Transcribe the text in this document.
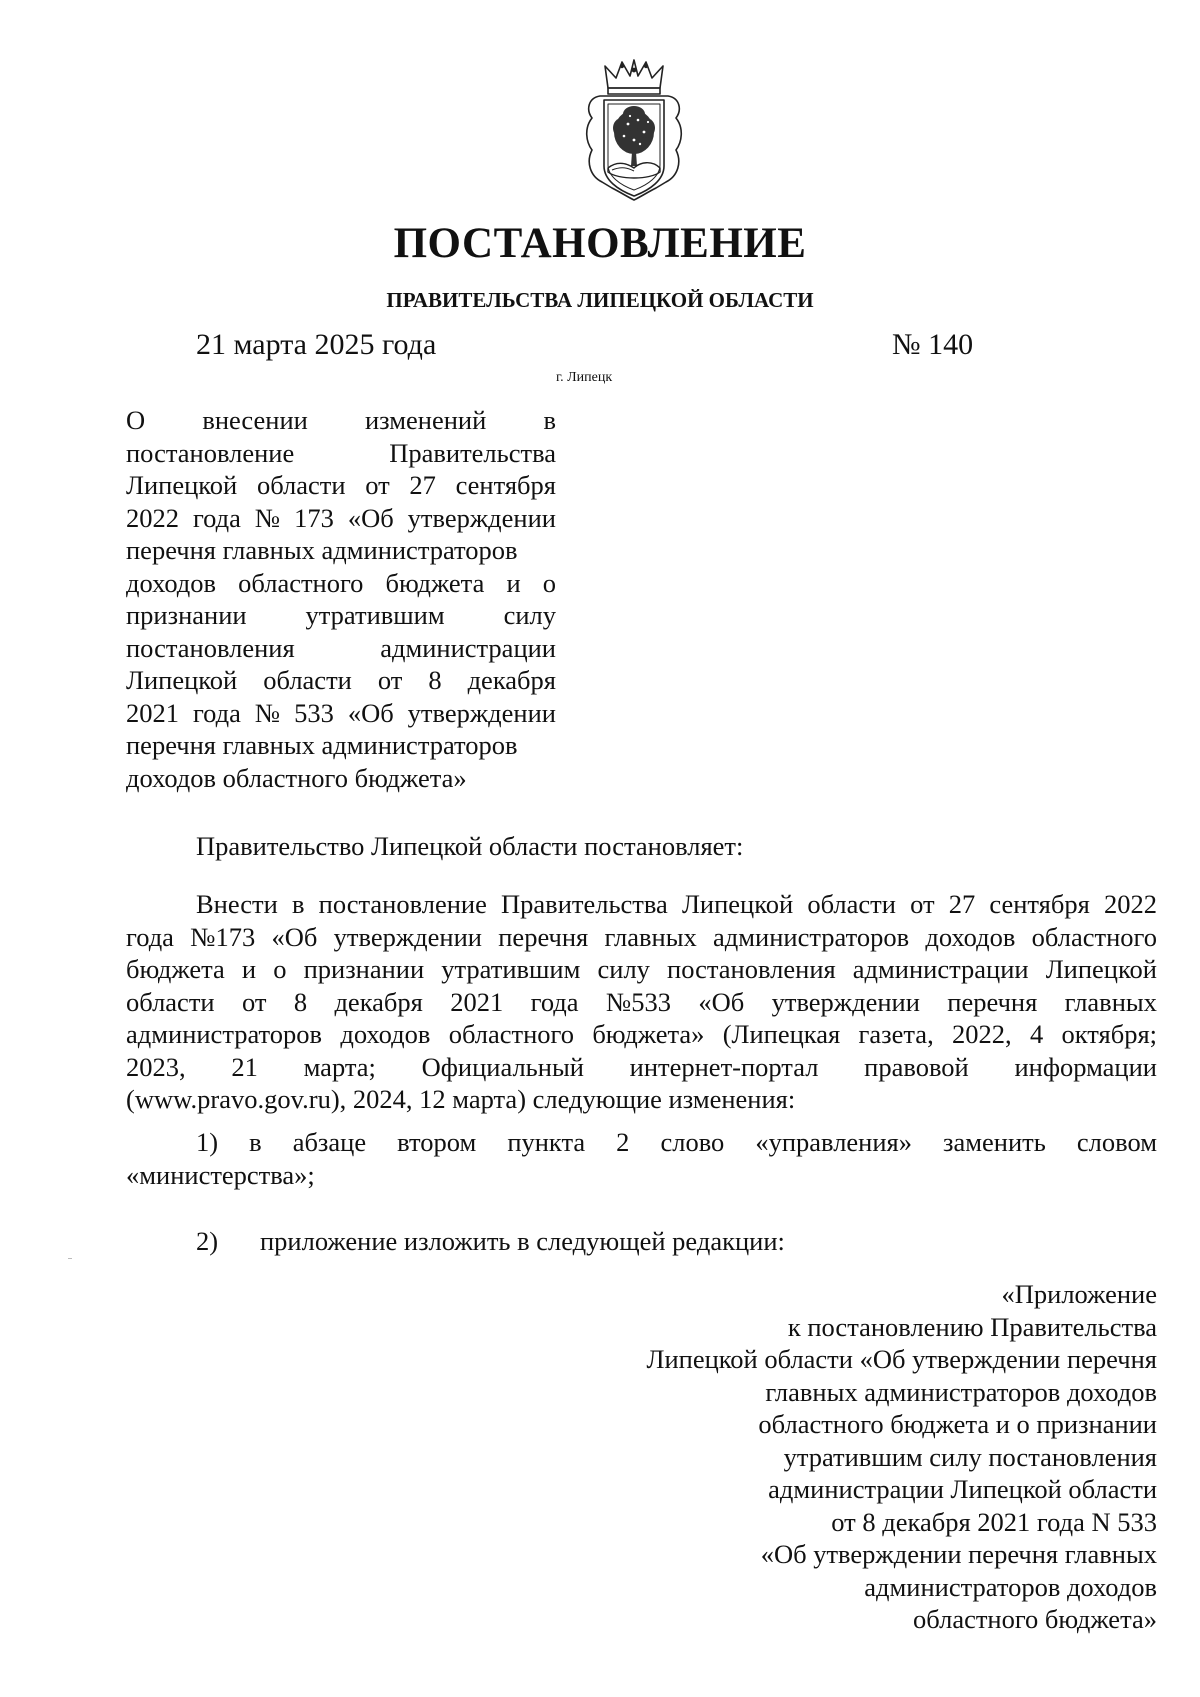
ПОСТАНОВЛЕНИЕ
ПРАВИТЕЛЬСТВА ЛИПЕЦКОЙ ОБЛАСТИ
21 марта 2025 года	№ 140
г. Липецк
О внесении изменений в
постановление	Правительства
Липецкой области от 27 сентября
2022 года № 173 «Об утверждении
перечня главных администраторов
доходов областного бюджета и о
признании утратившим силу
постановления	администрации
Липецкой области от 8 декабря
2021 года № 533 «Об утверждении
перечня главных администраторов
доходов областного бюджета»
Правительство Липецкой области постановляет:
Внести в постановление Правительства Липецкой области от 27 сентября 2022
года №173 «Об утверждении перечня главных администраторов доходов областного
бюджета и о признании утратившим силу постановления администрации Липецкой
области от 8 декабря 2021 года №533 «Об утверждении перечня главных
администраторов доходов областного бюджета» (Липецкая газета, 2022, 4 октября;
2023, 21 марта; Официальный интернет-портал правовой информации
(www.pravo.gov.ru), 2024, 12 марта) следующие изменения:
1) в абзаце втором пункта 2 слово «управления» заменить словом
«министерства»;
2) приложение изложить в следующей редакции:
«Приложение
к постановлению Правительства
Липецкой области «Об утверждении перечня
главных администраторов доходов
областного бюджета и о признании
утратившим силу постановления
администрации Липецкой области
от 8 декабря 2021 года N 533
«Об утверждении перечня главных
администраторов доходов
областного бюджета»
